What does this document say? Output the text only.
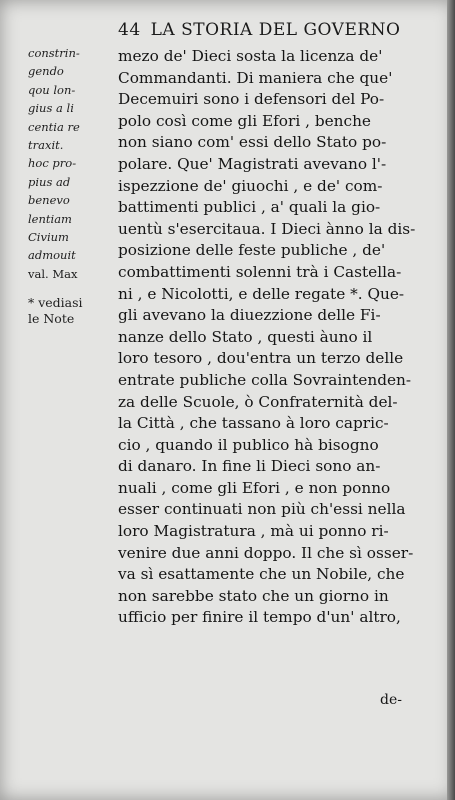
44 LA STORIA DEL GOVERNO
constrin-
gendo
qou lon-
gius a li
centia re
traxit.
hoc pro-
pius ad
benevo
lentiam
Civium
admouit
val. Max
* vediasi
le Note
mezo de' Dieci sosta la licenza de'
Commandanti. Di maniera che que'
Decemuiri sono i defensori del Po-
polo così come gli Efori , benche
non siano com' essi dello Stato po-
polare. Que' Magistrati avevano l'-
ispezzione de' giuochi , e de' com-
battimenti publici , a' quali la gio-
uentù s'esercitaua. I Dieci ànno la dis-
posizione delle feste publiche , de'
combattimenti solenni trà i Castella-
ni , e Nicolotti, e delle regate *. Que-
gli avevano la diuezzione delle Fi-
nanze dello Stato , questi àuno il
loro tesoro , dou'entra un terzo delle
entrate publiche colla Sovraintenden-
za delle Scuole, ò Confraternità del-
la Città , che tassano à loro capric-
cio , quando il publico hà bisogno
di danaro. In fine li Dieci sono an-
nuali , come gli Efori , e non ponno
esser continuati non più ch'essi nella
loro Magistratura , mà ui ponno ri-
venire due anni doppo. Il che sì osser-
va sì esattamente che un Nobile, che
non sarebbe stato che un giorno in
ufficio per finire il tempo d'un' altro,
de-
